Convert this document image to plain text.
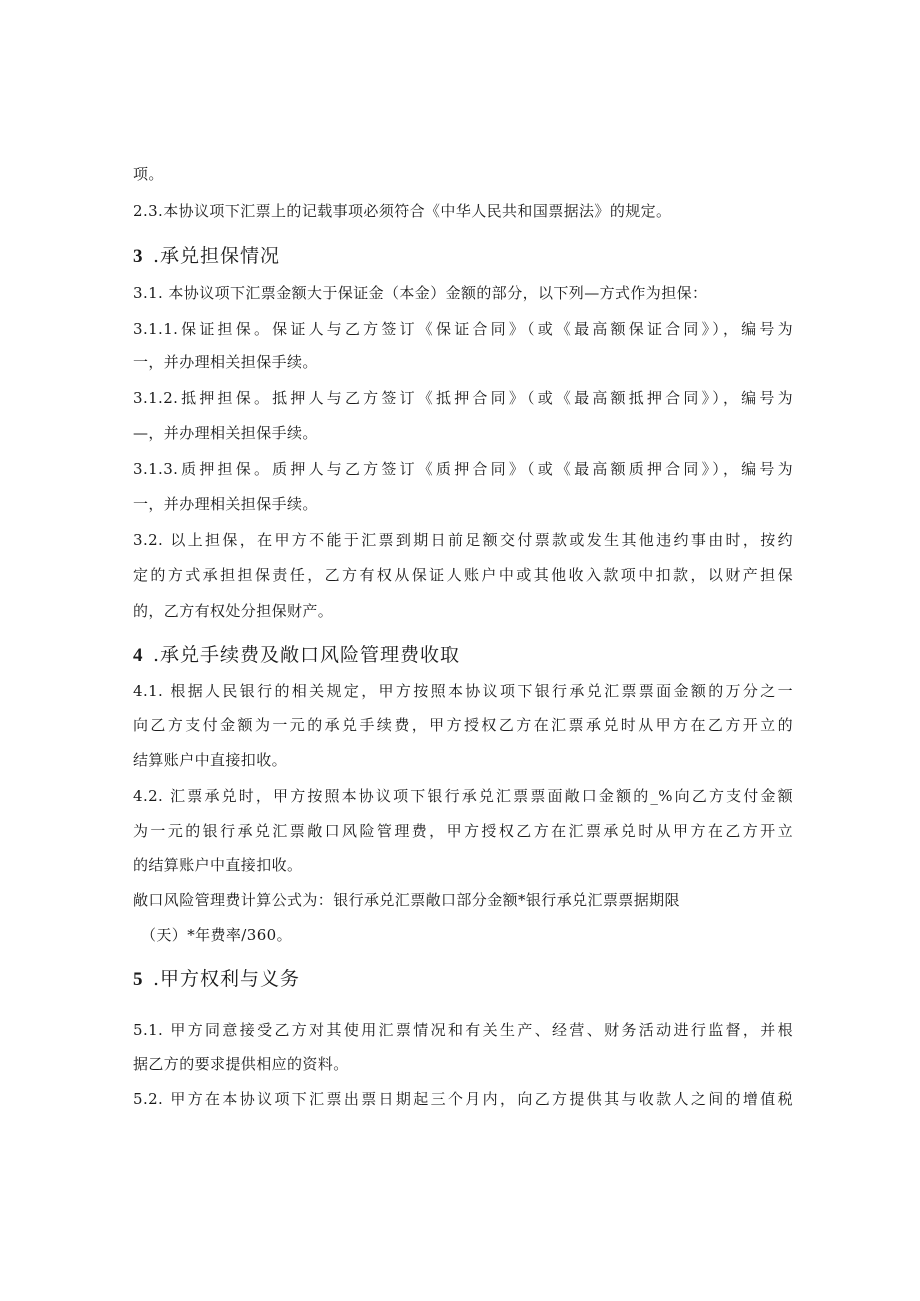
项。
2.3.本协议项下汇票上的记载事项必须符合《中华人民共和国票据法》的规定。
3 .承兑担保情况
3.1. 本协议项下汇票金额大于保证金（本金）金额的部分，以下列—方式作为担保：
3.1.1.保证担保。保证人与乙方签订《保证合同》（或《最高额保证合同》），编号为
一，并办理相关担保手续。
3.1.2.抵押担保。抵押人与乙方签订《抵押合同》（或《最高额抵押合同》），编号为
—，并办理相关担保手续。
3.1.3.质押担保。质押人与乙方签订《质押合同》（或《最高额质押合同》），编号为
一，并办理相关担保手续。
3.2. 以上担保，在甲方不能于汇票到期日前足额交付票款或发生其他违约事由时，按约
定的方式承担担保责任，乙方有权从保证人账户中或其他收入款项中扣款，以财产担保
的，乙方有权处分担保财产。
4 .承兑手续费及敞口风险管理费收取
4.1. 根据人民银行的相关规定，甲方按照本协议项下银行承兑汇票票面金额的万分之一
向乙方支付金额为一元的承兑手续费，甲方授权乙方在汇票承兑时从甲方在乙方开立的
结算账户中直接扣收。
4.2. 汇票承兑时，甲方按照本协议项下银行承兑汇票票面敞口金额的_%向乙方支付金额
为一元的银行承兑汇票敞口风险管理费，甲方授权乙方在汇票承兑时从甲方在乙方开立
的结算账户中直接扣收。
敞口风险管理费计算公式为：银行承兑汇票敞口部分金额*银行承兑汇票票据期限
（天）*年费率/360。
5 .甲方权利与义务
5.1. 甲方同意接受乙方对其使用汇票情况和有关生产、经营、财务活动进行监督，并根
据乙方的要求提供相应的资料。
5.2. 甲方在本协议项下汇票出票日期起三个月内，向乙方提供其与收款人之间的增值税
